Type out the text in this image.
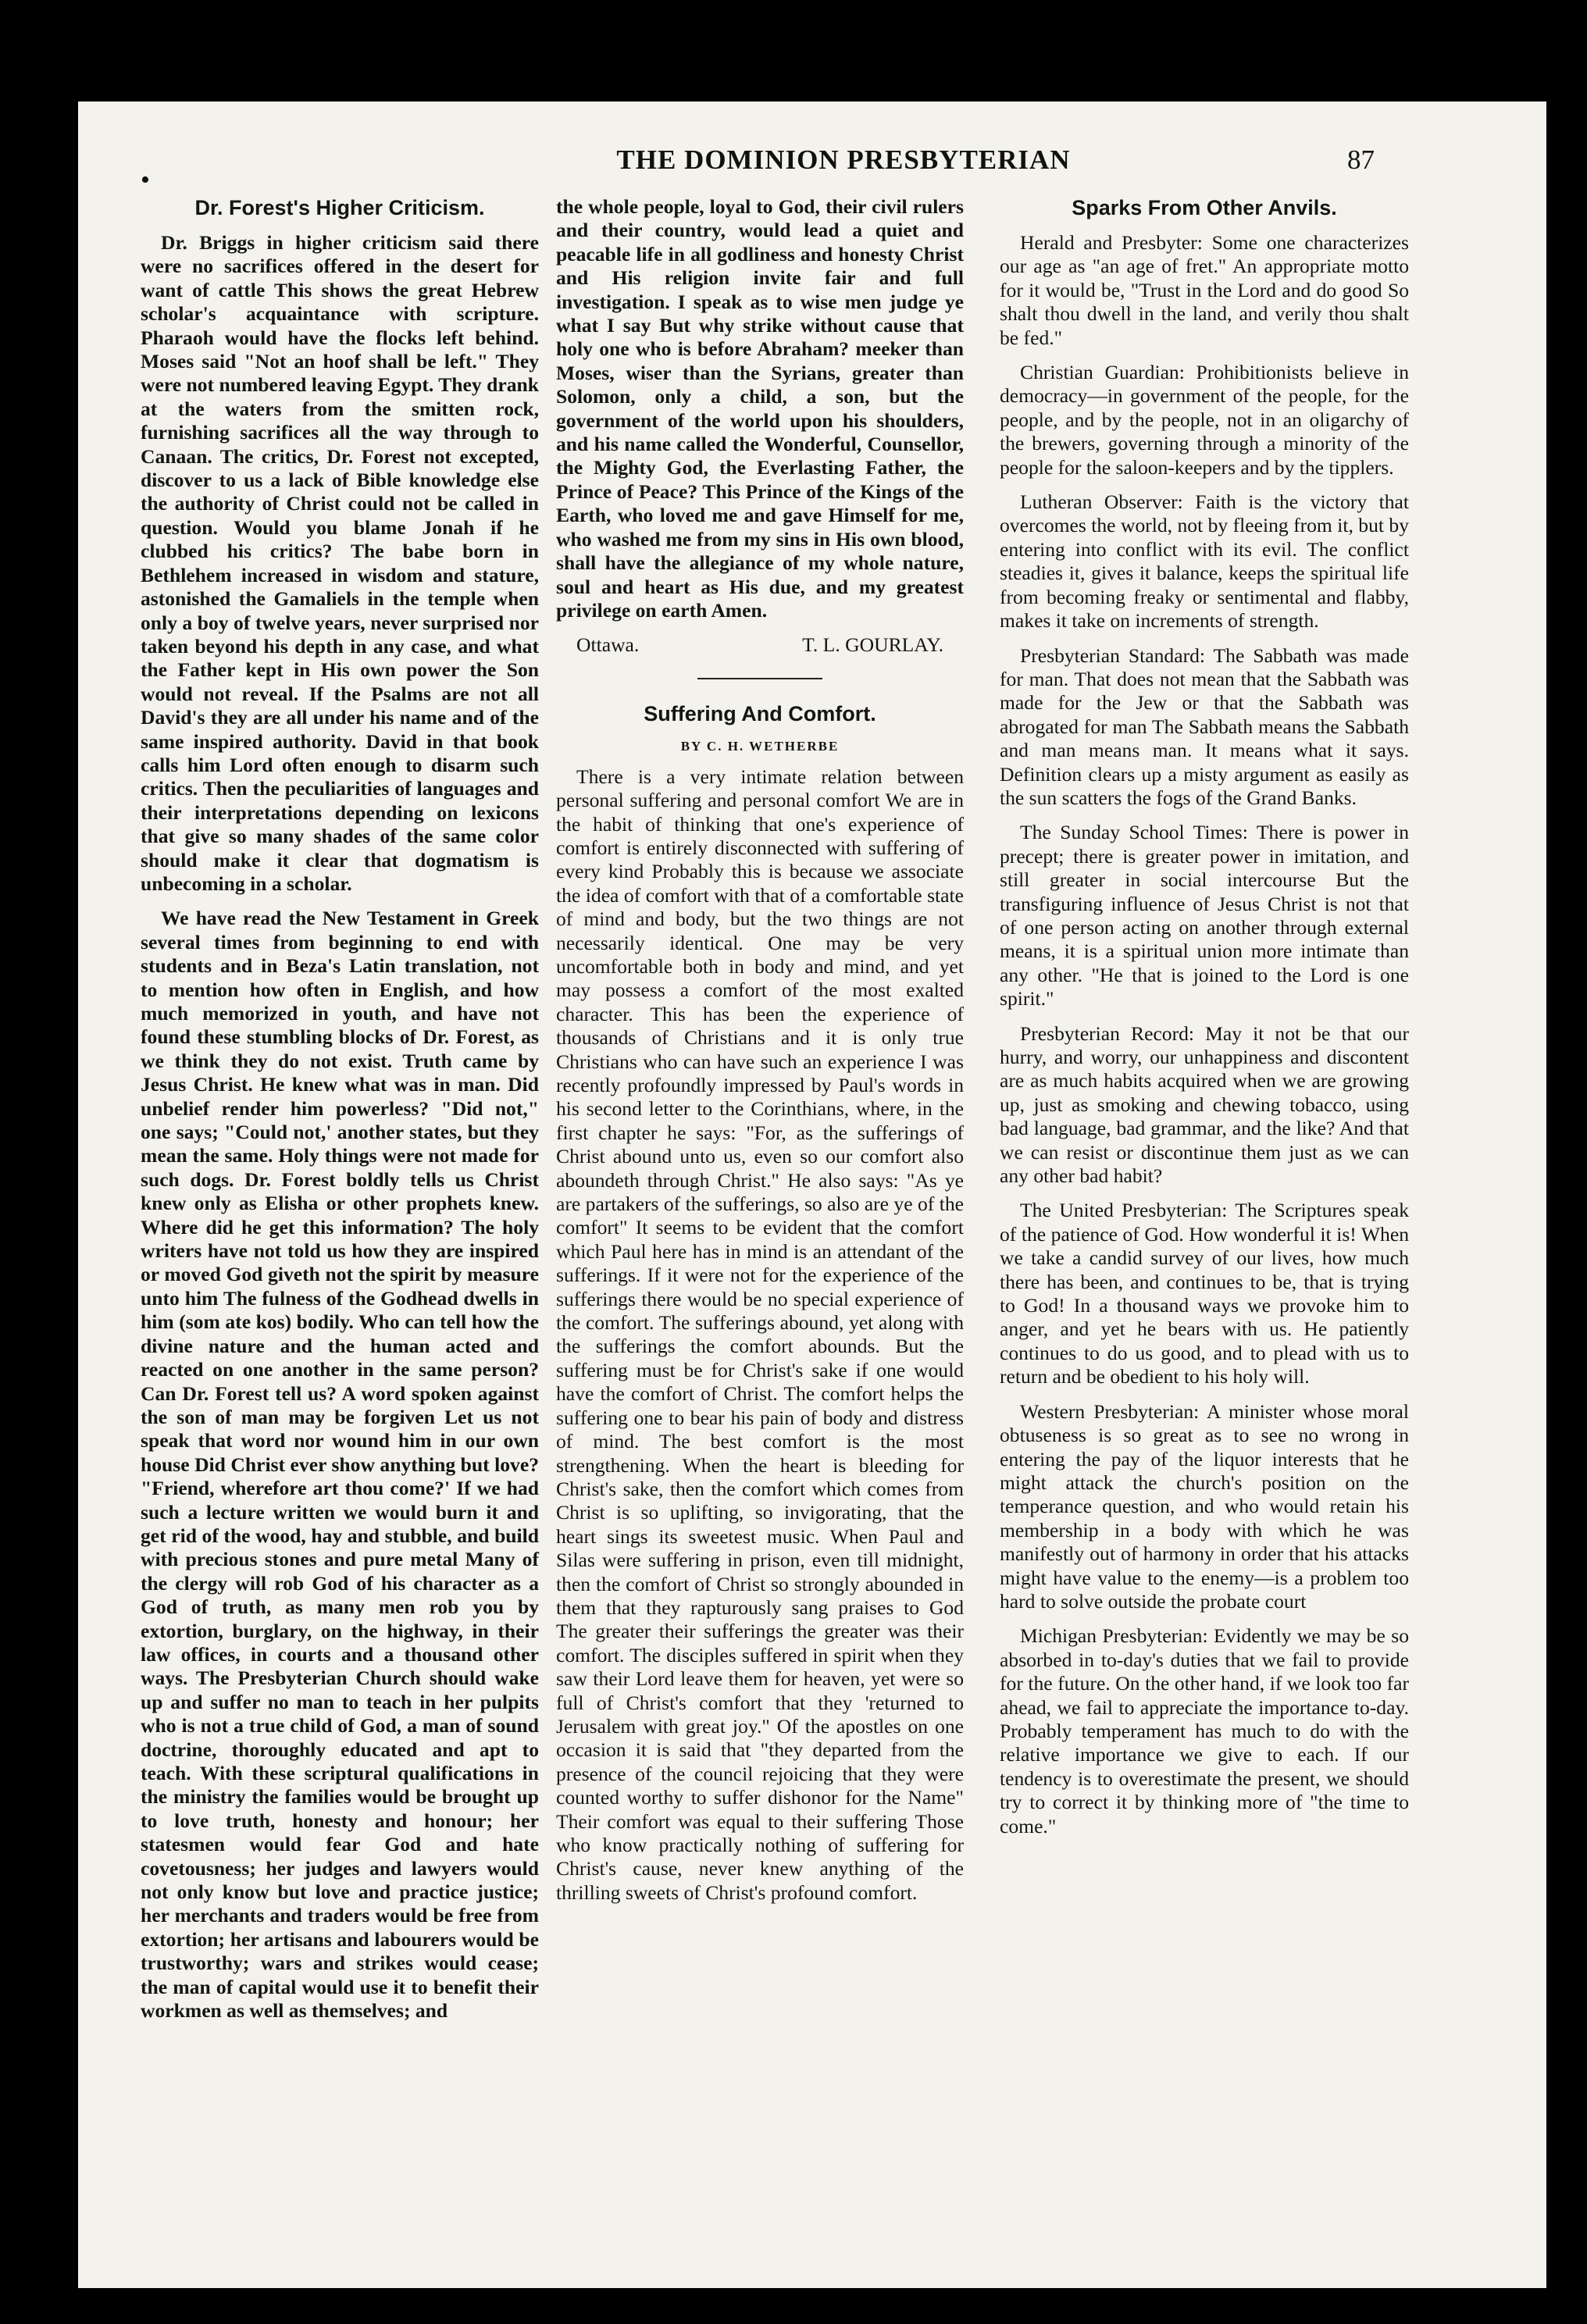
•
THE DOMINION PRESBYTERIAN	87
Dr. Forest's Higher Criticism.

Dr. Briggs in higher criticism said there were no sacrifices offered in the desert for want of cattle This shows the great Hebrew scholar's acquaintance with scripture. Pharaoh would have the flocks left behind. Moses said "Not an hoof shall be left." They were not numbered leaving Egypt. They drank at the waters from the smitten rock, furnishing sacrifices all the way through to Canaan. The critics, Dr. Forest not excepted, discover to us a lack of Bible knowledge else the authority of Christ could not be called in question. Would you blame Jonah if he clubbed his critics? The babe born in Bethlehem increased in wisdom and stature, astonished the Gamaliels in the temple when only a boy of twelve years, never surprised nor taken beyond his depth in any case, and what the Father kept in His own power the Son would not reveal. If the Psalms are not all David's they are all under his name and of the same inspired authority. David in that book calls him Lord often enough to disarm such critics. Then the peculiarities of languages and their interpretations depending on lexicons that give so many shades of the same color should make it clear that dogmatism is unbecoming in a scholar.

We have read the New Testament in Greek several times from beginning to end with students and in Beza's Latin translation, not to mention how often in English, and how much memorized in youth, and have not found these stumbling blocks of Dr. Forest, as we think they do not exist. Truth came by Jesus Christ. He knew what was in man. Did unbelief render him powerless? "Did not," one says; "Could not,' another states, but they mean the same. Holy things were not made for such dogs. Dr. Forest boldly tells us Christ knew only as Elisha or other prophets knew. Where did he get this information? The holy writers have not told us how they are inspired or moved God giveth not the spirit by measure unto him The fulness of the Godhead dwells in him (som ate kos) bodily. Who can tell how the divine nature and the human acted and reacted on one another in the same person? Can Dr. Forest tell us? A word spoken against the son of man may be forgiven Let us not speak that word nor wound him in our own house Did Christ ever show anything but love? "Friend, wherefore art thou come?' If we had such a lecture written we would burn it and get rid of the wood, hay and stubble, and build with precious stones and pure metal Many of the clergy will rob God of his character as a God of truth, as many men rob you by extortion, burglary, on the highway, in their law offices, in courts and a thousand other ways. The Presbyterian Church should wake up and suffer no man to teach in her pulpits who is not a true child of God, a man of sound doctrine, thoroughly educated and apt to teach. With these scriptural qualifications in the ministry the families would be brought up to love truth, honesty and honour; her statesmen would fear God and hate covetousness; her judges and lawyers would not only know but love and practice justice; her merchants and traders would be free from extortion; her artisans and labourers would be trustworthy; wars and strikes would cease; the man of capital would use it to benefit their workmen as well as themselves; and

the whole people, loyal to God, their civil rulers and their country, would lead a quiet and peacable life in all godliness and honesty Christ and His religion invite fair and full investigation. I speak as to wise men judge ye what I say But why strike without cause that holy one who is before Abraham? meeker than Moses, wiser than the Syrians, greater than Solomon, only a child, a son, but the government of the world upon his shoulders, and his name called the Wonderful, Counsellor, the Mighty God, the Everlasting Father, the Prince of Peace? This Prince of the Kings of the Earth, who loved me and gave Himself for me, who washed me from my sins in His own blood, shall have the allegiance of my whole nature, soul and heart as His due, and my greatest privilege on earth Amen.

Ottawa.	T. L. GOURLAY.
Suffering And Comfort.
BY C. H. WETHERBE

There is a very intimate relation between personal suffering and personal comfort We are in the habit of thinking that one's experience of comfort is entirely disconnected with suffering of every kind Probably this is because we associate the idea of comfort with that of a comfortable state of mind and body, but the two things are not necessarily identical. One may be very uncomfortable both in body and mind, and yet may possess a comfort of the most exalted character. This has been the experience of thousands of Christians and it is only true Christians who can have such an experience I was recently profoundly impressed by Paul's words in his second letter to the Corinthians, where, in the first chapter he says: "For, as the sufferings of Christ abound unto us, even so our comfort also aboundeth through Christ." He also says: "As ye are partakers of the sufferings, so also are ye of the comfort" It seems to be evident that the comfort which Paul here has in mind is an attendant of the sufferings. If it were not for the experience of the sufferings there would be no special experience of the comfort. The sufferings abound, yet along with the sufferings the comfort abounds. But the suffering must be for Christ's sake if one would have the comfort of Christ. The comfort helps the suffering one to bear his pain of body and distress of mind. The best comfort is the most strengthening. When the heart is bleeding for Christ's sake, then the comfort which comes from Christ is so uplifting, so invigorating, that the heart sings its sweetest music. When Paul and Silas were suffering in prison, even till midnight, then the comfort of Christ so strongly abounded in them that they rapturously sang praises to God The greater their sufferings the greater was their comfort. The disciples suffered in spirit when they saw their Lord leave them for heaven, yet were so full of Christ's comfort that they 'returned to Jerusalem with great joy." Of the apostles on one occasion it is said that "they departed from the presence of the council rejoicing that they were counted worthy to suffer dishonor for the Name" Their comfort was equal to their suffering Those who know practically nothing of suffering for Christ's cause, never knew anything of the thrilling sweets of Christ's profound comfort.

Sparks From Other Anvils.

Herald and Presbyter: Some one characterizes our age as "an age of fret." An appropriate motto for it would be, "Trust in the Lord and do good So shalt thou dwell in the land, and verily thou shalt be fed."

Christian Guardian: Prohibitionists believe in democracy—in government of the people, for the people, and by the people, not in an oligarchy of the brewers, governing through a minority of the people for the saloon-keepers and by the tipplers.

Lutheran Observer: Faith is the victory that overcomes the world, not by fleeing from it, but by entering into conflict with its evil. The conflict steadies it, gives it balance, keeps the spiritual life from becoming freaky or sentimental and flabby, makes it take on increments of strength.

Presbyterian Standard: The Sabbath was made for man. That does not mean that the Sabbath was made for the Jew or that the Sabbath was abrogated for man The Sabbath means the Sabbath and man means man. It means what it says. Definition clears up a misty argument as easily as the sun scatters the fogs of the Grand Banks.

The Sunday School Times: There is power in precept; there is greater power in imitation, and still greater in social intercourse But the transfiguring influence of Jesus Christ is not that of one person acting on another through external means, it is a spiritual union more intimate than any other. "He that is joined to the Lord is one spirit."

Presbyterian Record: May it not be that our hurry, and worry, our unhappiness and discontent are as much habits acquired when we are growing up, just as smoking and chewing tobacco, using bad language, bad grammar, and the like? And that we can resist or discontinue them just as we can any other bad habit?

The United Presbyterian: The Scriptures speak of the patience of God. How wonderful it is! When we take a candid survey of our lives, how much there has been, and continues to be, that is trying to God! In a thousand ways we provoke him to anger, and yet he bears with us. He patiently continues to do us good, and to plead with us to return and be obedient to his holy will.

Western Presbyterian: A minister whose moral obtuseness is so great as to see no wrong in entering the pay of the liquor interests that he might attack the church's position on the temperance question, and who would retain his membership in a body with which he was manifestly out of harmony in order that his attacks might have value to the enemy—is a problem too hard to solve outside the probate court

Michigan Presbyterian: Evidently we may be so absorbed in to-day's duties that we fail to provide for the future. On the other hand, if we look too far ahead, we fail to appreciate the importance to-day. Probably temperament has much to do with the relative importance we give to each. If our tendency is to overestimate the present, we should try to correct it by thinking more of "the time to come."
